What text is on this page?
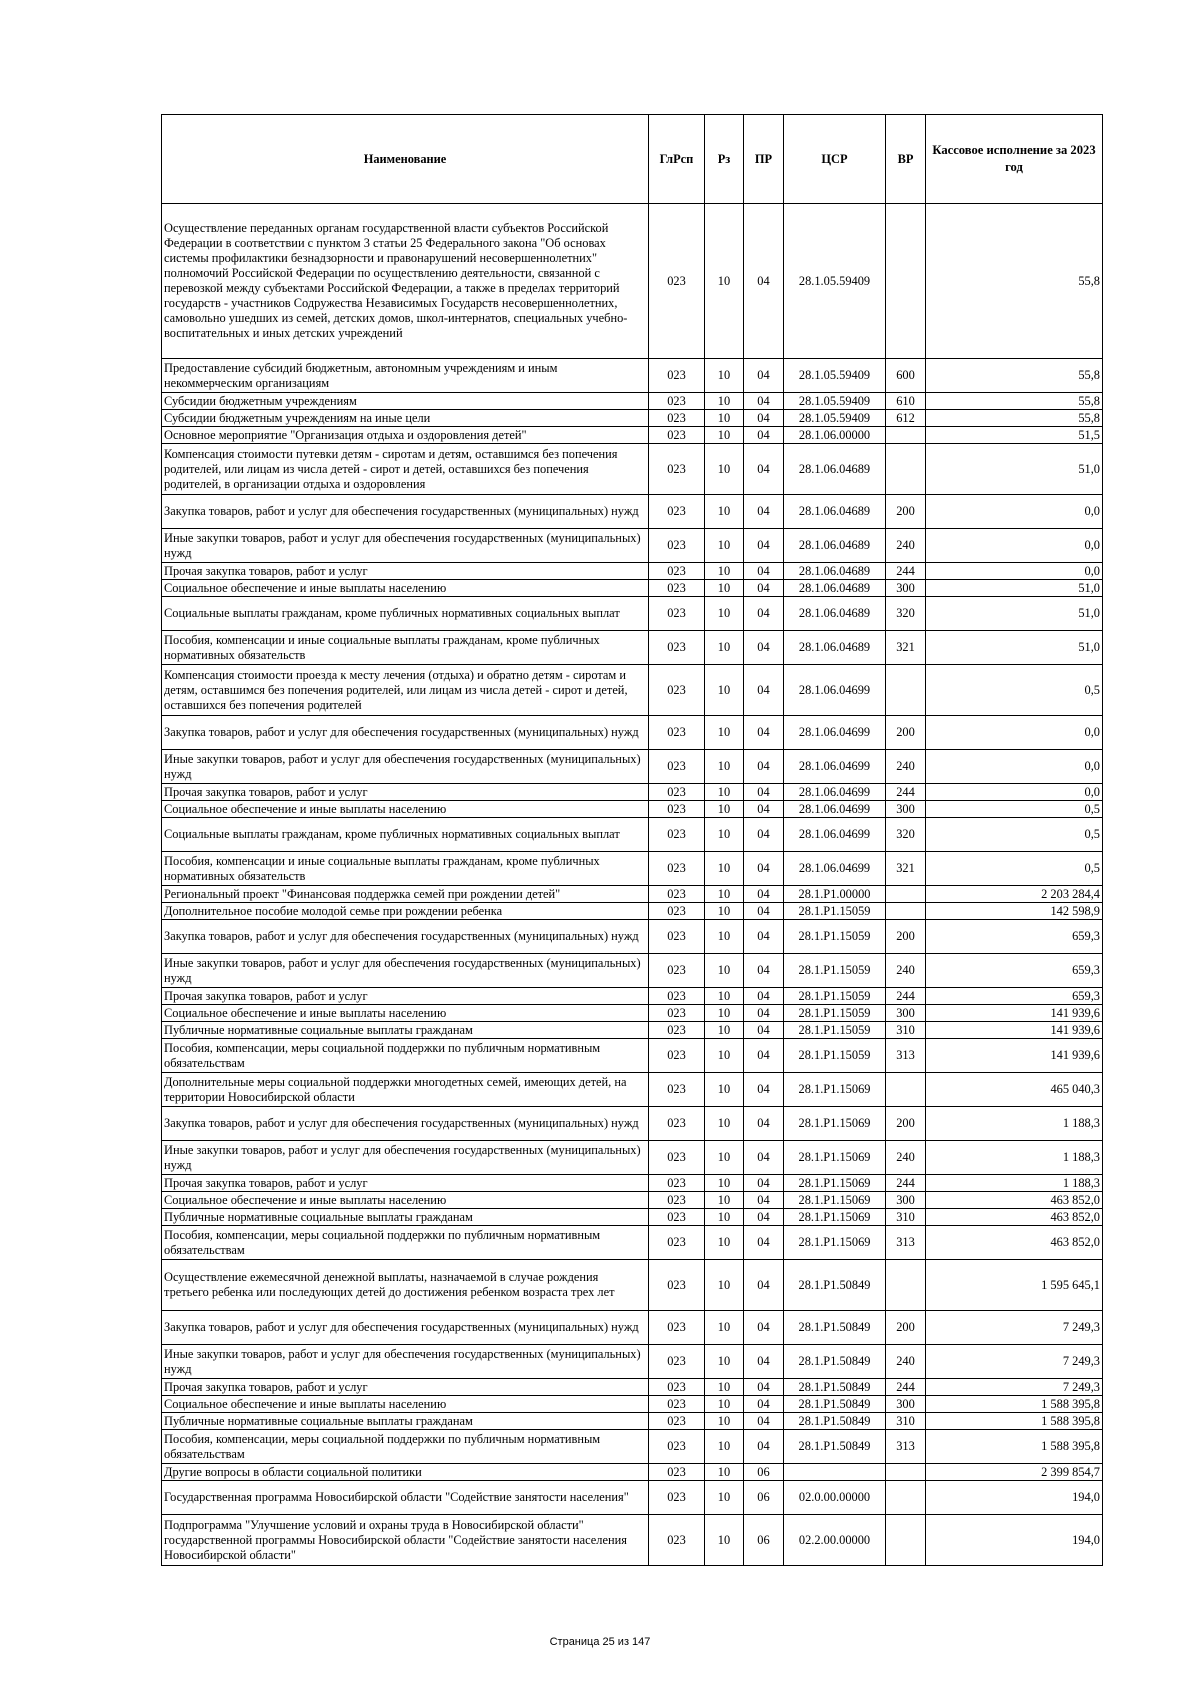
Наименование	ГлРсп	Рз	ПР	ЦСР	ВР	Кассовое исполнение за 2023 год
Осуществление переданных органам государственной власти субъектов Российской Федерации в соответствии с пунктом 3 статьи 25 Федерального закона "Об основах системы профилактики безнадзорности и правонарушений несовершеннолетних" полномочий Российской Федерации по осуществлению деятельности, связанной с перевозкой между субъектами Российской Федерации, а также в пределах территорий государств - участников Содружества Независимых Государств несовершеннолетних, самовольно ушедших из семей, детских домов, школ-интернатов, специальных учебно-воспитательных и иных детских учреждений	023	10	04	28.1.05.59409		55,8
Предоставление субсидий бюджетным, автономным учреждениям и иным некоммерческим организациям	023	10	04	28.1.05.59409	600	55,8
Субсидии бюджетным учреждениям	023	10	04	28.1.05.59409	610	55,8
Субсидии бюджетным учреждениям на иные цели	023	10	04	28.1.05.59409	612	55,8
Основное мероприятие "Организация отдыха и оздоровления детей"	023	10	04	28.1.06.00000		51,5
Компенсация стоимости путевки детям - сиротам и детям, оставшимся без попечения родителей, или лицам из числа детей - сирот и детей, оставшихся без попечения родителей, в организации отдыха и оздоровления	023	10	04	28.1.06.04689		51,0
Закупка товаров, работ и услуг для обеспечения государственных (муниципальных) нужд	023	10	04	28.1.06.04689	200	0,0
Иные закупки товаров, работ и услуг для обеспечения государственных (муниципальных) нужд	023	10	04	28.1.06.04689	240	0,0
Прочая закупка товаров, работ и услуг	023	10	04	28.1.06.04689	244	0,0
Социальное обеспечение и иные выплаты населению	023	10	04	28.1.06.04689	300	51,0
Социальные выплаты гражданам, кроме публичных нормативных социальных выплат	023	10	04	28.1.06.04689	320	51,0
Пособия, компенсации и иные социальные выплаты гражданам, кроме публичных нормативных обязательств	023	10	04	28.1.06.04689	321	51,0
Компенсация стоимости проезда к месту лечения (отдыха) и обратно детям - сиротам и детям, оставшимся без попечения родителей, или лицам из числа детей - сирот и детей, оставшихся без попечения родителей	023	10	04	28.1.06.04699		0,5
Закупка товаров, работ и услуг для обеспечения государственных (муниципальных) нужд	023	10	04	28.1.06.04699	200	0,0
Иные закупки товаров, работ и услуг для обеспечения государственных (муниципальных) нужд	023	10	04	28.1.06.04699	240	0,0
Прочая закупка товаров, работ и услуг	023	10	04	28.1.06.04699	244	0,0
Социальное обеспечение и иные выплаты населению	023	10	04	28.1.06.04699	300	0,5
Социальные выплаты гражданам, кроме публичных нормативных социальных выплат	023	10	04	28.1.06.04699	320	0,5
Пособия, компенсации и иные социальные выплаты гражданам, кроме публичных нормативных обязательств	023	10	04	28.1.06.04699	321	0,5
Региональный проект "Финансовая поддержка семей при рождении детей"	023	10	04	28.1.P1.00000		2 203 284,4
Дополнительное пособие молодой семье при рождении ребенка	023	10	04	28.1.P1.15059		142 598,9
Закупка товаров, работ и услуг для обеспечения государственных (муниципальных) нужд	023	10	04	28.1.P1.15059	200	659,3
Иные закупки товаров, работ и услуг для обеспечения государственных (муниципальных) нужд	023	10	04	28.1.P1.15059	240	659,3
Прочая закупка товаров, работ и услуг	023	10	04	28.1.P1.15059	244	659,3
Социальное обеспечение и иные выплаты населению	023	10	04	28.1.P1.15059	300	141 939,6
Публичные нормативные социальные выплаты гражданам	023	10	04	28.1.P1.15059	310	141 939,6
Пособия, компенсации, меры социальной поддержки по публичным нормативным обязательствам	023	10	04	28.1.P1.15059	313	141 939,6
Дополнительные меры социальной поддержки многодетных семей, имеющих детей, на территории Новосибирской области	023	10	04	28.1.P1.15069		465 040,3
Закупка товаров, работ и услуг для обеспечения государственных (муниципальных) нужд	023	10	04	28.1.P1.15069	200	1 188,3
Иные закупки товаров, работ и услуг для обеспечения государственных (муниципальных) нужд	023	10	04	28.1.P1.15069	240	1 188,3
Прочая закупка товаров, работ и услуг	023	10	04	28.1.P1.15069	244	1 188,3
Социальное обеспечение и иные выплаты населению	023	10	04	28.1.P1.15069	300	463 852,0
Публичные нормативные социальные выплаты гражданам	023	10	04	28.1.P1.15069	310	463 852,0
Пособия, компенсации, меры социальной поддержки по публичным нормативным обязательствам	023	10	04	28.1.P1.15069	313	463 852,0
Осуществление ежемесячной денежной выплаты, назначаемой в случае рождения третьего ребенка или последующих детей до достижения ребенком возраста трех лет	023	10	04	28.1.P1.50849		1 595 645,1
Закупка товаров, работ и услуг для обеспечения государственных (муниципальных) нужд	023	10	04	28.1.P1.50849	200	7 249,3
Иные закупки товаров, работ и услуг для обеспечения государственных (муниципальных) нужд	023	10	04	28.1.P1.50849	240	7 249,3
Прочая закупка товаров, работ и услуг	023	10	04	28.1.P1.50849	244	7 249,3
Социальное обеспечение и иные выплаты населению	023	10	04	28.1.P1.50849	300	1 588 395,8
Публичные нормативные социальные выплаты гражданам	023	10	04	28.1.P1.50849	310	1 588 395,8
Пособия, компенсации, меры социальной поддержки по публичным нормативным обязательствам	023	10	04	28.1.P1.50849	313	1 588 395,8
Другие вопросы в области социальной политики	023	10	06			2 399 854,7
Государственная программа Новосибирской области "Содействие занятости населения"	023	10	06	02.0.00.00000		194,0
Подпрограмма "Улучшение условий и охраны труда в Новосибирской области" государственной программы Новосибирской области "Содействие занятости населения Новосибирской области"	023	10	06	02.2.00.00000		194,0
Страница 25 из 147
